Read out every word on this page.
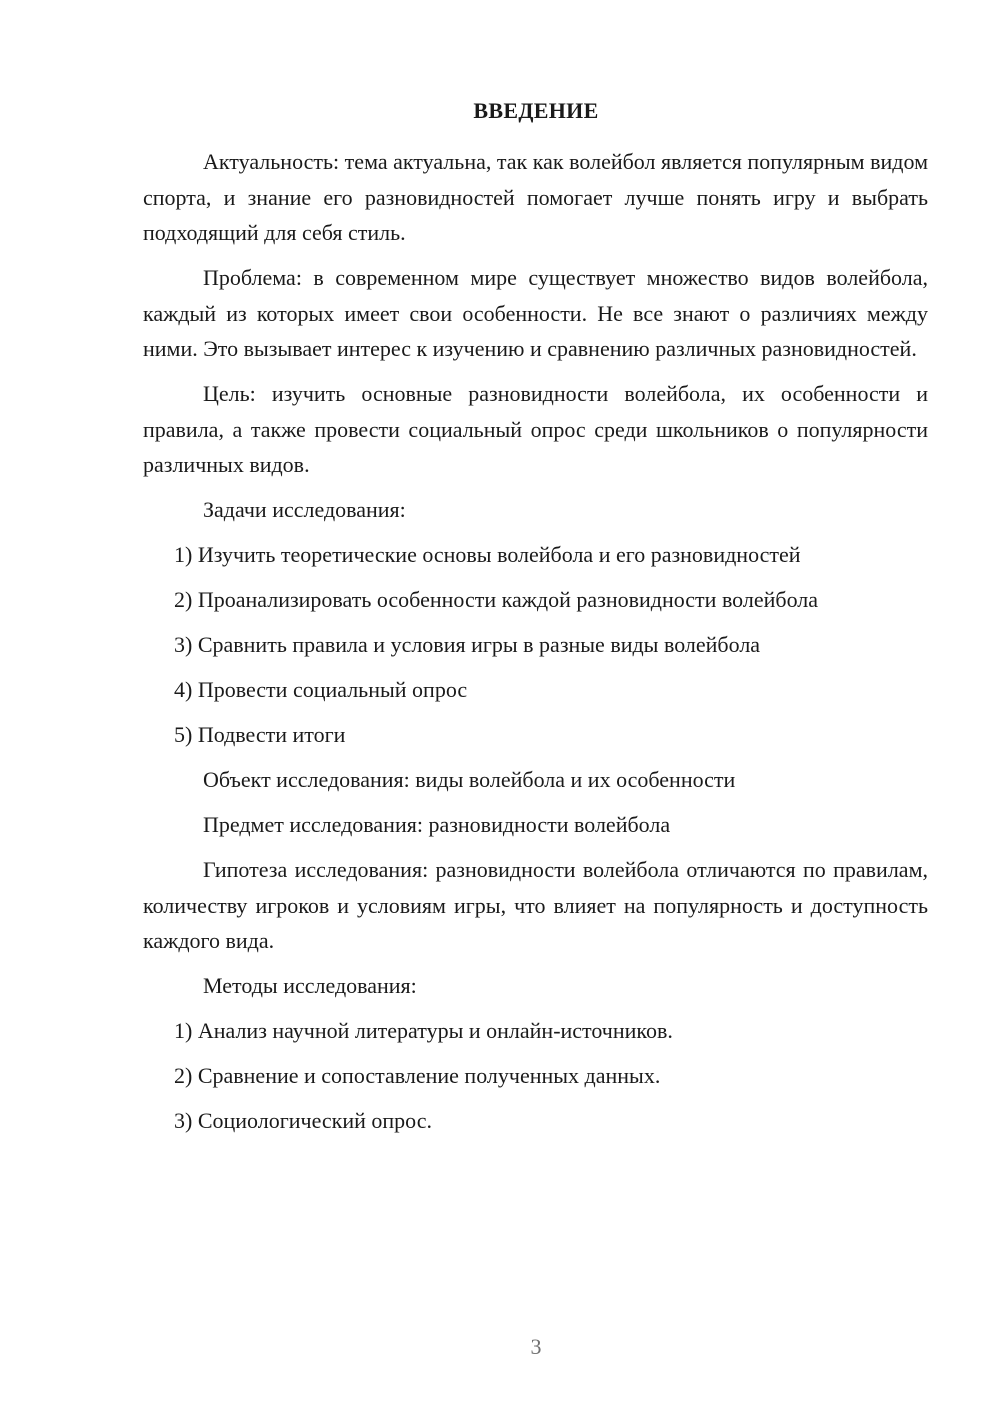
ВВЕДЕНИЕ

Актуальность: тема актуальна, так как волейбол является популярным видом спорта, и знание его разновидностей помогает лучше понять игру и выбрать подходящий для себя стиль.

Проблема: в современном мире существует множество видов волейбола, каждый из которых имеет свои особенности. Не все знают о различиях между ними. Это вызывает интерес к изучению и сравнению различных разновидностей.

Цель: изучить основные разновидности волейбола, их особенности и правила, а также провести социальный опрос среди школьников о популярности различных видов.

Задачи исследования:

1) Изучить теоретические основы волейбола и его разновидностей

2) Проанализировать особенности каждой разновидности волейбола

3) Сравнить правила и условия игры в разные виды волейбола

4) Провести социальный опрос

5) Подвести итоги

Объект исследования: виды волейбола и их особенности

Предмет исследования: разновидности волейбола

Гипотеза исследования: разновидности волейбола отличаются по правилам, количеству игроков и условиям игры, что влияет на популярность и доступность каждого вида.

Методы исследования:

1) Анализ научной литературы и онлайн-источников.

2) Сравнение и сопоставление полученных данных.

3) Социологический опрос.

3
